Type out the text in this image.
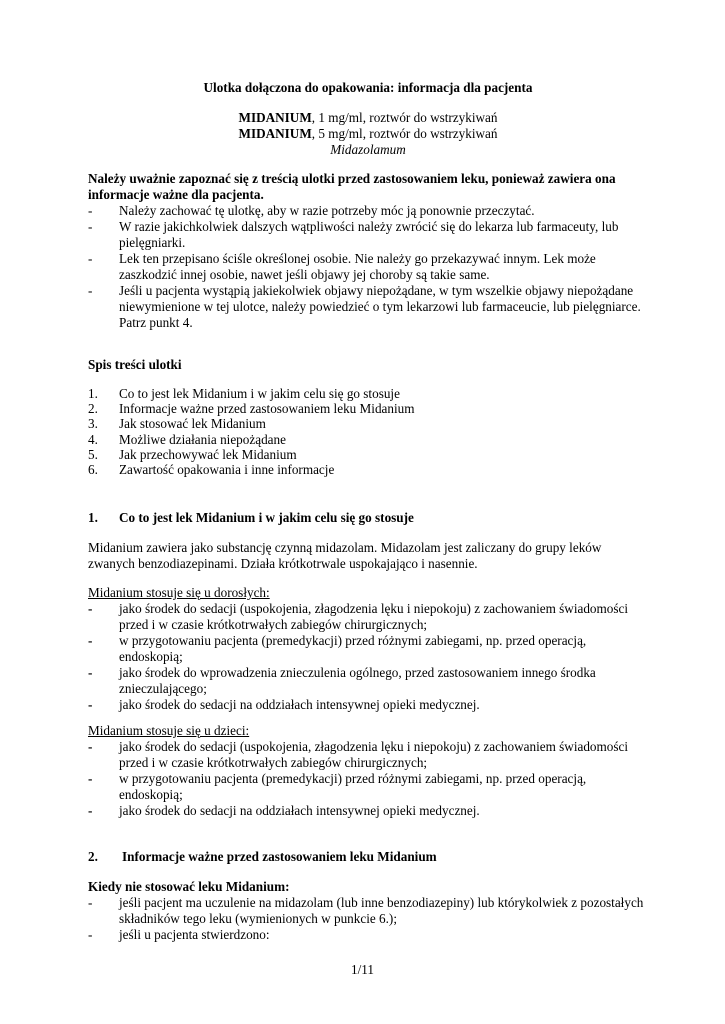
Ulotka dołączona do opakowania: informacja dla pacjenta
MIDANIUM, 1 mg/ml, roztwór do wstrzykiwań
MIDANIUM, 5 mg/ml, roztwór do wstrzykiwań
Midazolamum
Należy uważnie zapoznać się z treścią ulotki przed zastosowaniem leku, ponieważ zawiera ona informacje ważne dla pacjenta.
- Należy zachować tę ulotkę, aby w razie potrzeby móc ją ponownie przeczytać.
- W razie jakichkolwiek dalszych wątpliwości należy zwrócić się do lekarza lub farmaceuty, lub pielęgniarki.
- Lek ten przepisano ściśle określonej osobie. Nie należy go przekazywać innym. Lek może zaszkodzić innej osobie, nawet jeśli objawy jej choroby są takie same.
- Jeśli u pacjenta wystąpią jakiekolwiek objawy niepożądane, w tym wszelkie objawy niepożądane niewymienione w tej ulotce, należy powiedzieć o tym lekarzowi lub farmaceucie, lub pielęgniarce. Patrz punkt 4.
Spis treści ulotki
1. Co to jest lek Midanium i w jakim celu się go stosuje
2. Informacje ważne przed zastosowaniem leku Midanium
3. Jak stosować lek Midanium
4. Możliwe działania niepożądane
5. Jak przechowywać lek Midanium
6. Zawartość opakowania i inne informacje
1. Co to jest lek Midanium i w jakim celu się go stosuje
Midanium zawiera jako substancję czynną midazolam. Midazolam jest zaliczany do grupy leków zwanych benzodiazepinami. Działa krótkotrwale uspokajająco i nasennie.
Midanium stosuje się u dorosłych:
- jako środek do sedacji (uspokojenia, złagodzenia lęku i niepokoju) z zachowaniem świadomości przed i w czasie krótkotrwałych zabiegów chirurgicznych;
- w przygotowaniu pacjenta (premedykacji) przed różnymi zabiegami, np. przed operacją, endoskopią;
- jako środek do wprowadzenia znieczulenia ogólnego, przed zastosowaniem innego środka znieczulającego;
- jako środek do sedacji na oddziałach intensywnej opieki medycznej.
Midanium stosuje się u dzieci:
- jako środek do sedacji (uspokojenia, złagodzenia lęku i niepokoju) z zachowaniem świadomości przed i w czasie krótkotrwałych zabiegów chirurgicznych;
- w przygotowaniu pacjenta (premedykacji) przed różnymi zabiegami, np. przed operacją, endoskopią;
- jako środek do sedacji na oddziałach intensywnej opieki medycznej.
2. Informacje ważne przed zastosowaniem leku Midanium
Kiedy nie stosować leku Midanium:
- jeśli pacjent ma uczulenie na midazolam (lub inne benzodiazepiny) lub którykolwiek z pozostałych składników tego leku (wymienionych w punkcie 6.);
- jeśli u pacjenta stwierdzono:
1/11
